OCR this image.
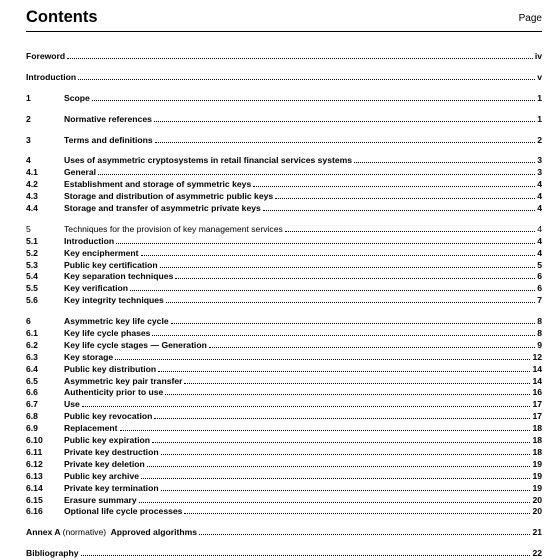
Contents	Page
Foreword	iv
Introduction	v
1	Scope	1
2	Normative references	1
3	Terms and definitions	2
4	Uses of asymmetric cryptosystems in retail financial services systems	3
4.1	General	3
4.2	Establishment and storage of symmetric keys	4
4.3	Storage and distribution of asymmetric public keys	4
4.4	Storage and transfer of asymmetric private keys	4
5	Techniques for the provision of key management services	4
5.1	Introduction	4
5.2	Key encipherment	4
5.3	Public key certification	5
5.4	Key separation techniques	6
5.5	Key verification	6
5.6	Key integrity techniques	7
6	Asymmetric key life cycle	8
6.1	Key life cycle phases	8
6.2	Key life cycle stages — Generation	9
6.3	Key storage	12
6.4	Public key distribution	14
6.5	Asymmetric key pair transfer	14
6.6	Authenticity prior to use	16
6.7	Use	17
6.8	Public key revocation	17
6.9	Replacement	18
6.10	Public key expiration	18
6.11	Private key destruction	18
6.12	Private key deletion	19
6.13	Public key archive	19
6.14	Private key termination	19
6.15	Erasure summary	20
6.16	Optional life cycle processes	20
Annex A (normative) Approved algorithms	21
Bibliography	22
